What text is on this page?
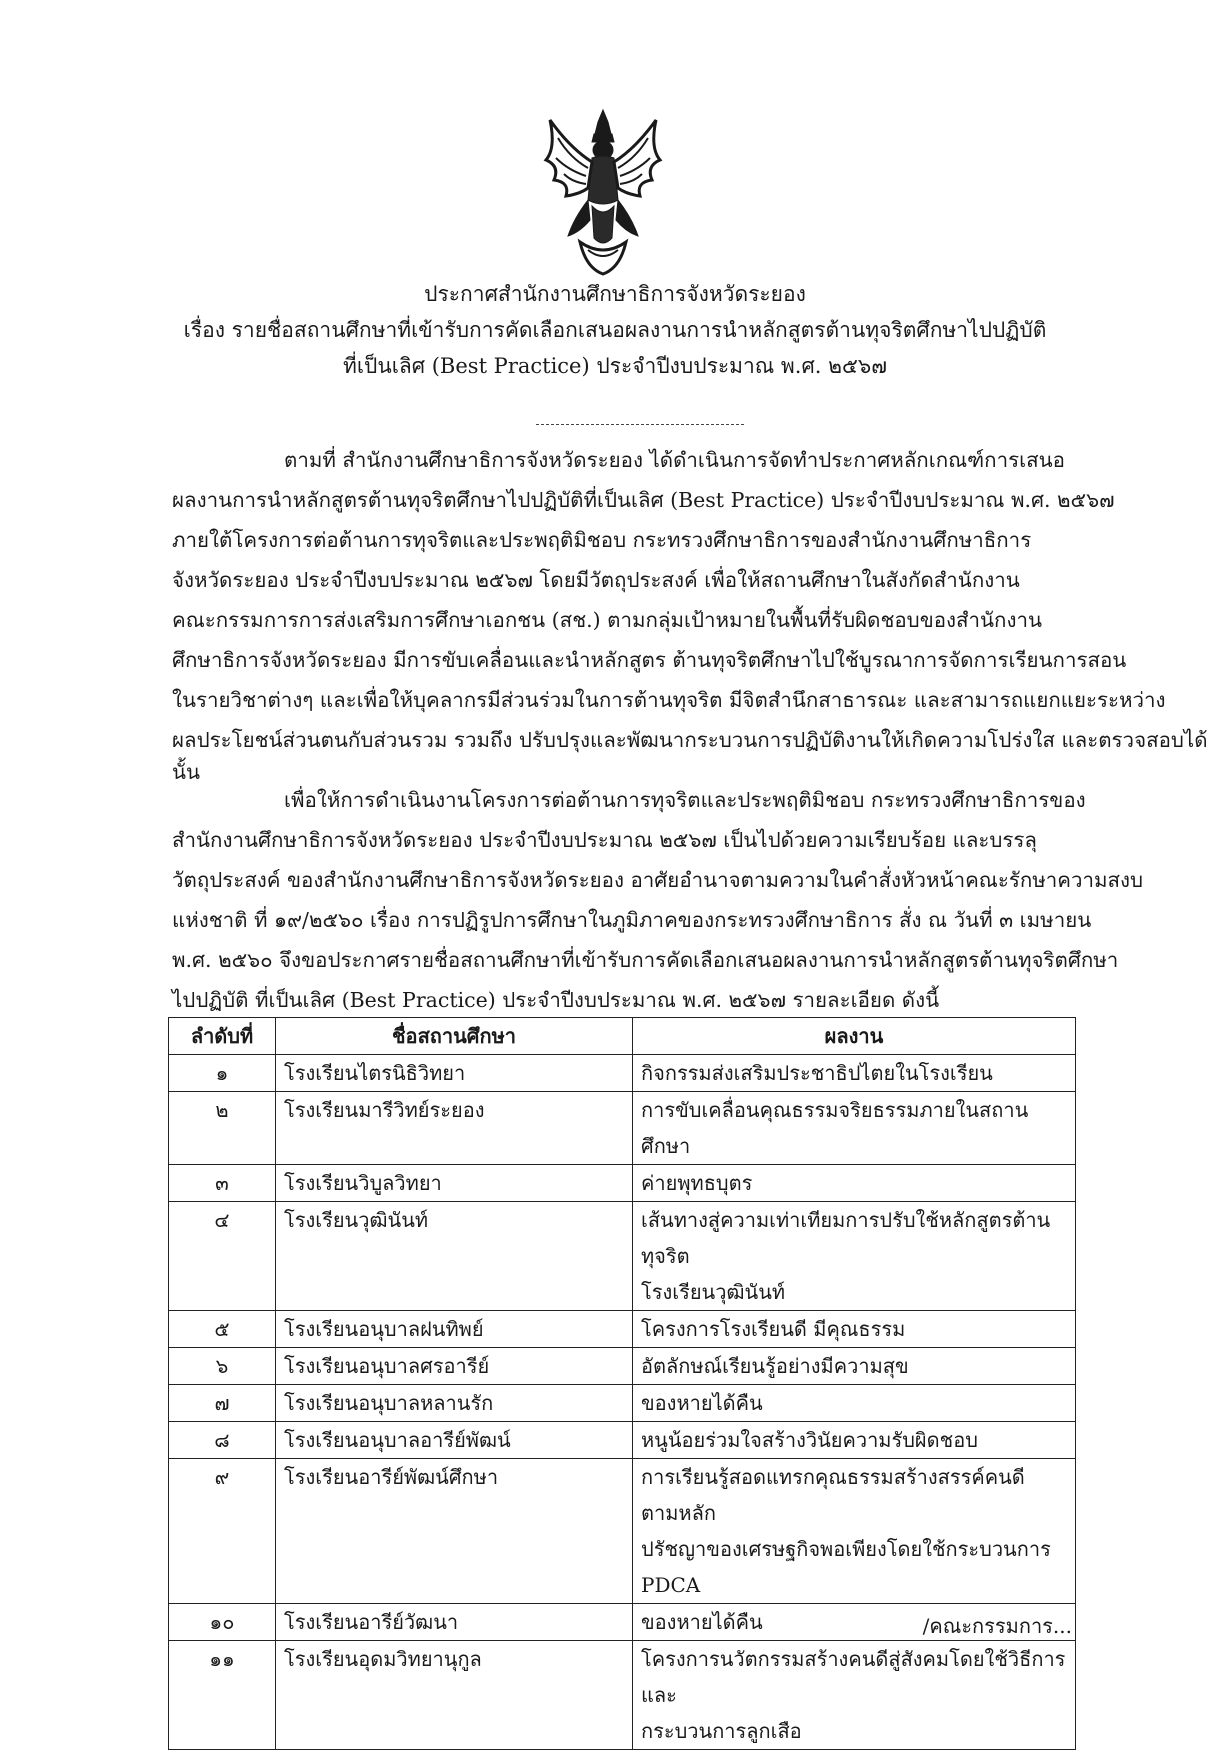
ประกาศสำนักงานศึกษาธิการจังหวัดระยอง
เรื่อง รายชื่อสถานศึกษาที่เข้ารับการคัดเลือกเสนอผลงานการนำหลักสูตรต้านทุจริตศึกษาไปปฏิบัติ
ที่เป็นเลิศ (Best Practice) ประจำปีงบประมาณ พ.ศ. ๒๕๖๗
ตามที่ สำนักงานศึกษาธิการจังหวัดระยอง ได้ดำเนินการจัดทำประกาศหลักเกณฑ์การเสนอ
ผลงานการนำหลักสูตรต้านทุจริตศึกษาไปปฏิบัติที่เป็นเลิศ (Best Practice) ประจำปีงบประมาณ พ.ศ. ๒๕๖๗
ภายใต้โครงการต่อต้านการทุจริตและประพฤติมิชอบ กระทรวงศึกษาธิการของสำนักงานศึกษาธิการ
จังหวัดระยอง ประจำปีงบประมาณ ๒๕๖๗ โดยมีวัตถุประสงค์ เพื่อให้สถานศึกษาในสังกัดสำนักงาน
คณะกรรมการการส่งเสริมการศึกษาเอกชน (สช.) ตามกลุ่มเป้าหมายในพื้นที่รับผิดชอบของสำนักงาน
ศึกษาธิการจังหวัดระยอง มีการขับเคลื่อนและนำหลักสูตร ต้านทุจริตศึกษาไปใช้บูรณาการจัดการเรียนการสอน
ในรายวิชาต่างๆ และเพื่อให้บุคลากรมีส่วนร่วมในการต้านทุจริต มีจิตสำนึกสาธารณะ และสามารถแยกแยะระหว่าง
ผลประโยชน์ส่วนตนกับส่วนรวม รวมถึง ปรับปรุงและพัฒนากระบวนการปฏิบัติงานให้เกิดความโปร่งใส และตรวจสอบได้
นั้น
เพื่อให้การดำเนินงานโครงการต่อต้านการทุจริตและประพฤติมิชอบ กระทรวงศึกษาธิการของ
สำนักงานศึกษาธิการจังหวัดระยอง ประจำปีงบประมาณ ๒๕๖๗ เป็นไปด้วยความเรียบร้อย และบรรลุ
วัตถุประสงค์ ของสำนักงานศึกษาธิการจังหวัดระยอง อาศัยอำนาจตามความในคำสั่งหัวหน้าคณะรักษาความสงบ
แห่งชาติ ที่ ๑๙/๒๕๖๐ เรื่อง การปฏิรูปการศึกษาในภูมิภาคของกระทรวงศึกษาธิการ สั่ง ณ วันที่ ๓ เมษายน
พ.ศ. ๒๕๖๐ จึงขอประกาศรายชื่อสถานศึกษาที่เข้ารับการคัดเลือกเสนอผลงานการนำหลักสูตรต้านทุจริตศึกษา
ไปปฏิบัติ ที่เป็นเลิศ (Best Practice) ประจำปีงบประมาณ พ.ศ. ๒๕๖๗ รายละเอียด ดังนี้
ลำดับที่	ชื่อสถานศึกษา	ผลงาน
๑	โรงเรียนไตรนิธิวิทยา	กิจกรรมส่งเสริมประชาธิปไตยในโรงเรียน

๒	โรงเรียนมารีวิทย์ระยอง	การขับเคลื่อนคุณธรรมจริยธรรมภายในสถานศึกษา

๓	โรงเรียนวิบูลวิทยา	ค่ายพุทธบุตร

๔	โรงเรียนวุฒินันท์	เส้นทางสู่ความเท่าเทียมการปรับใช้หลักสูตรต้านทุจริต
โรงเรียนวุฒินันท์

๕	โรงเรียนอนุบาลฝนทิพย์	โครงการโรงเรียนดี มีคุณธรรม

๖	โรงเรียนอนุบาลศรอารีย์	อัตลักษณ์เรียนรู้อย่างมีความสุข

๗	โรงเรียนอนุบาลหลานรัก	ของหายได้คืน

๘	โรงเรียนอนุบาลอารีย์พัฒน์	หนูน้อยร่วมใจสร้างวินัยความรับผิดชอบ

๙	โรงเรียนอารีย์พัฒน์ศึกษา	การเรียนรู้สอดแทรกคุณธรรมสร้างสรรค์คนดี ตามหลัก
ปรัชญาของเศรษฐกิจพอเพียงโดยใช้กระบวนการ PDCA

๑๐	โรงเรียนอารีย์วัฒนา	ของหายได้คืน

๑๑	โรงเรียนอุดมวิทยานุกูล	โครงการนวัตกรรมสร้างคนดีสู่สังคมโดยใช้วิธีการและ
กระบวนการลูกเสือ
/คณะกรรมการ...
